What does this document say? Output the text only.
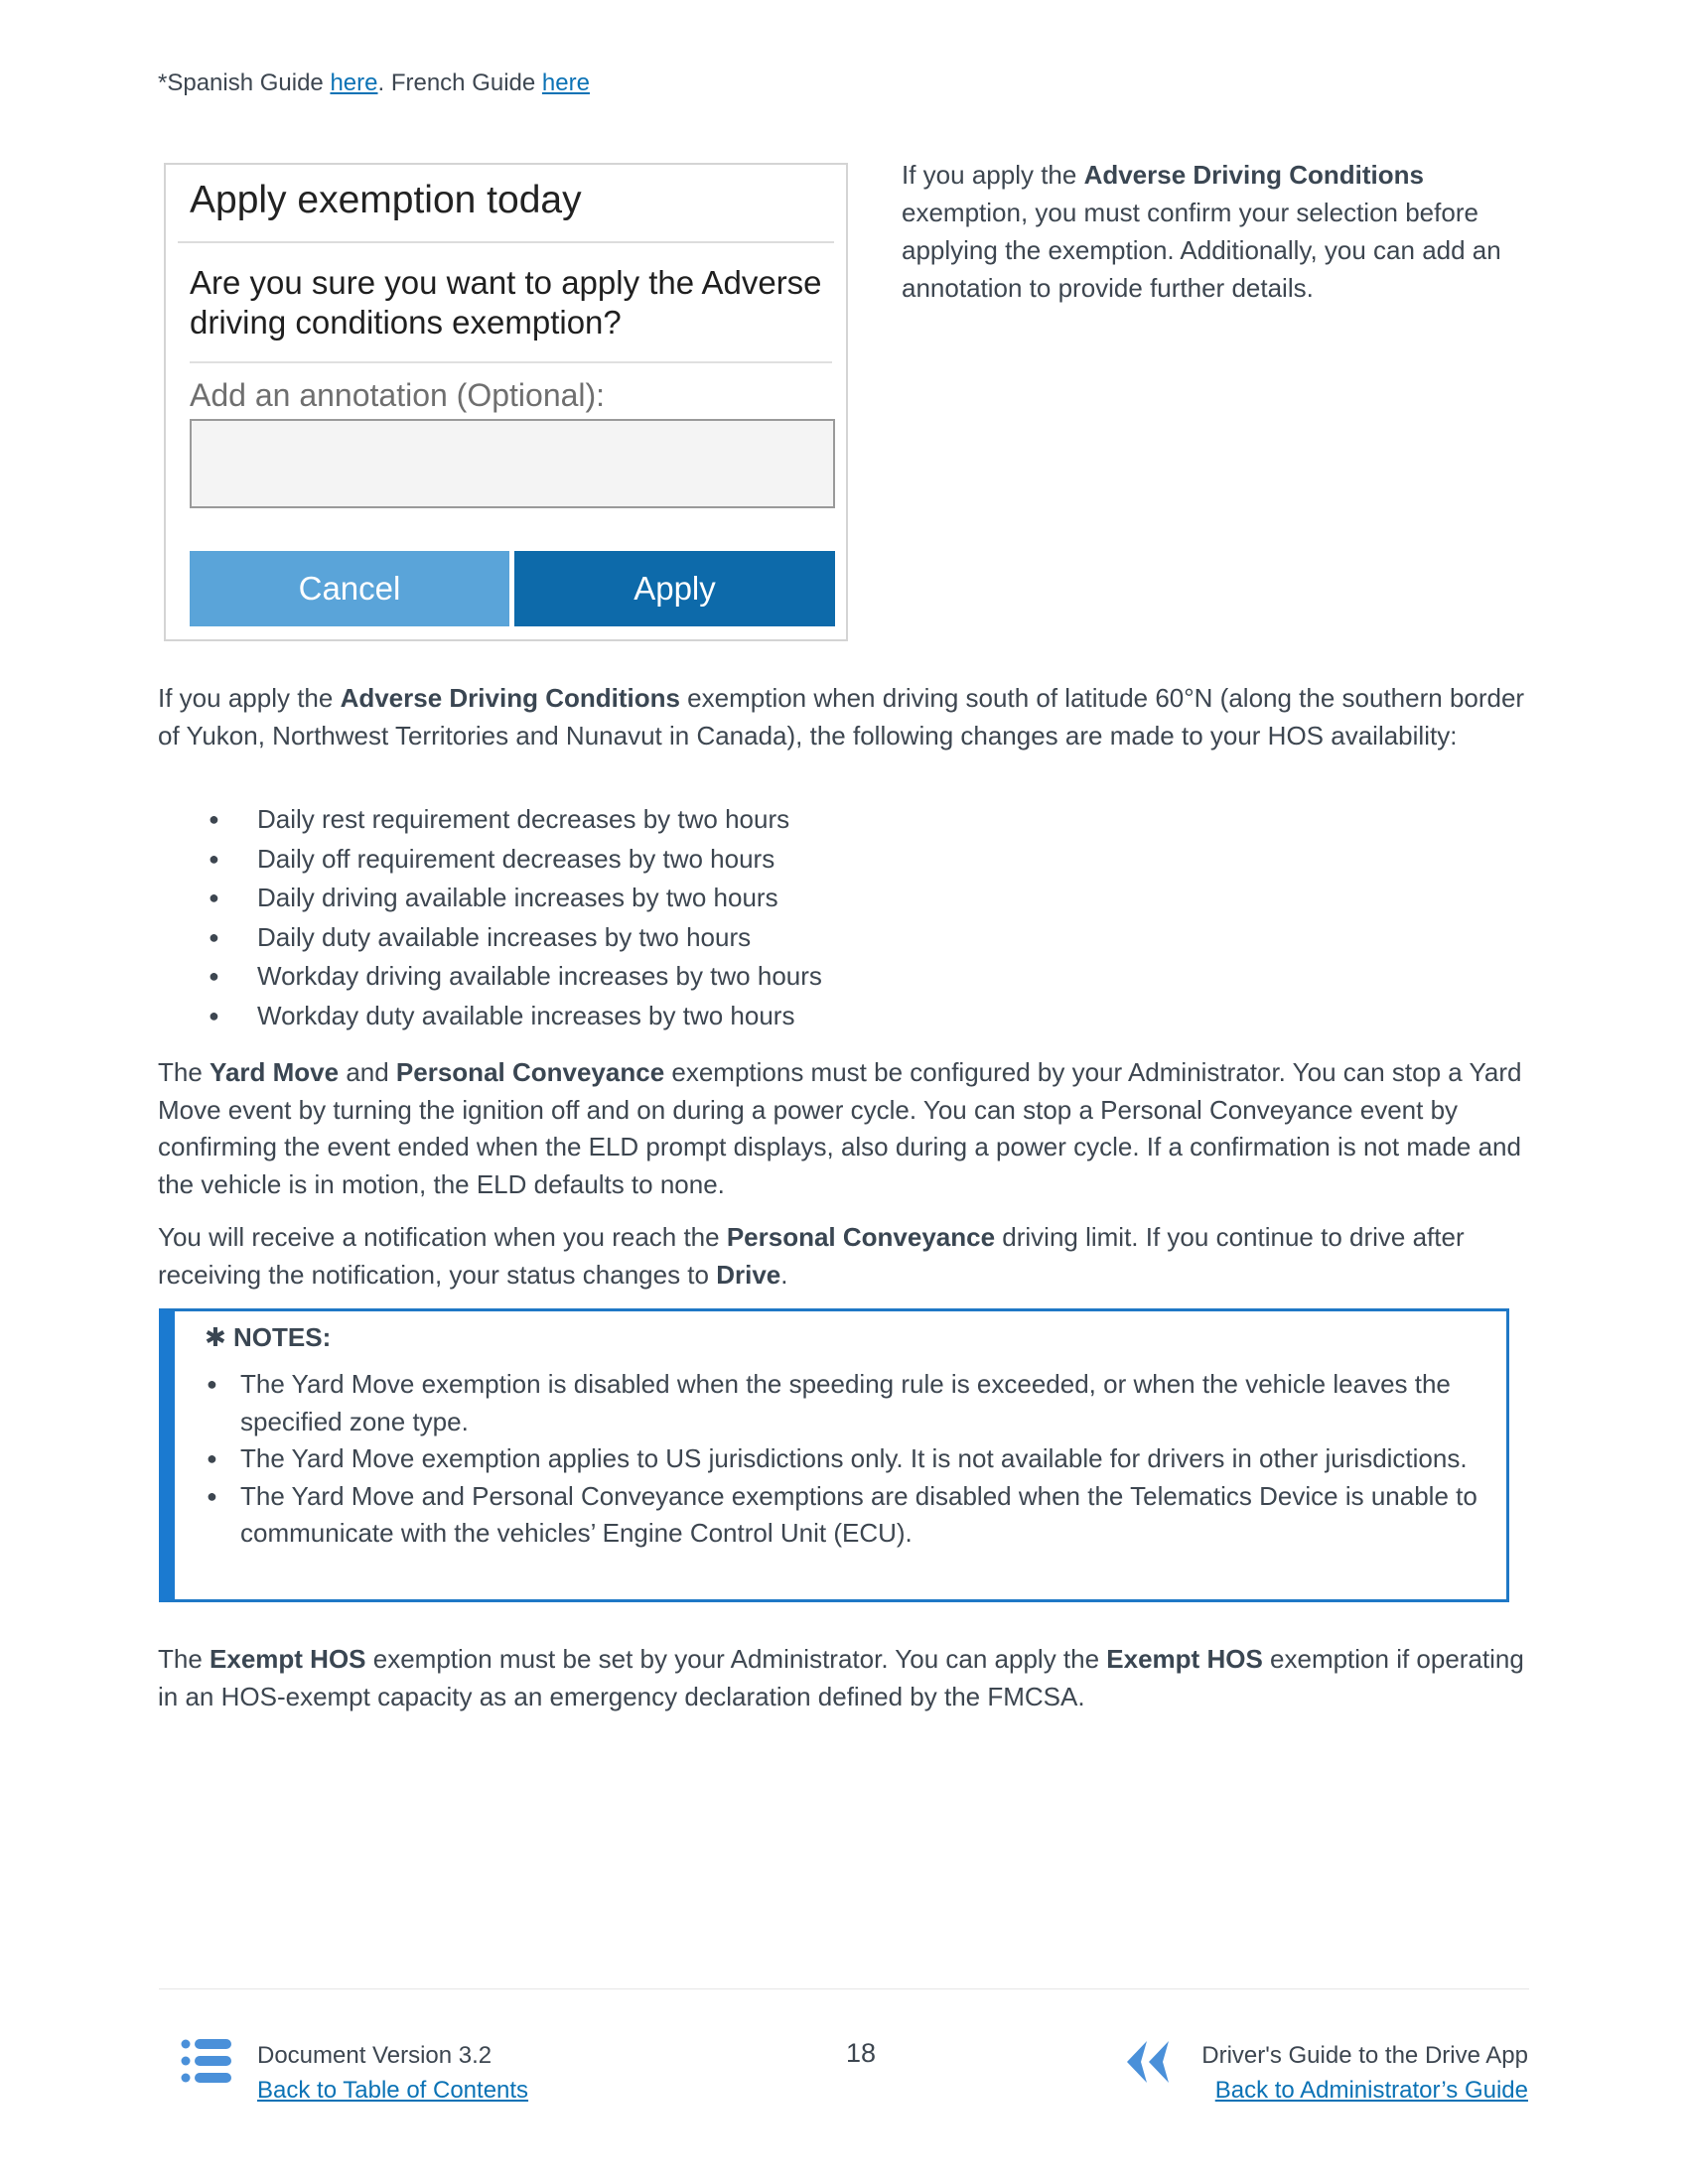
*Spanish Guide here. French Guide here
Apply exemption today
Are you sure you want to apply the Adverse driving conditions exemption?
Add an annotation (Optional):
Cancel	Apply
If you apply the Adverse Driving Conditions exemption, you must confirm your selection before applying the exemption. Additionally, you can add an annotation to provide further details.
If you apply the Adverse Driving Conditions exemption when driving south of latitude 60°N (along the southern border of Yukon, Northwest Territories and Nunavut in Canada), the following changes are made to your HOS availability:
● Daily rest requirement decreases by two hours
● Daily off requirement decreases by two hours
● Daily driving available increases by two hours
● Daily duty available increases by two hours
● Workday driving available increases by two hours
● Workday duty available increases by two hours
The Yard Move and Personal Conveyance exemptions must be configured by your Administrator. You can stop a Yard Move event by turning the ignition off and on during a power cycle. You can stop a Personal Conveyance event by confirming the event ended when the ELD prompt displays, also during a power cycle. If a confirmation is not made and the vehicle is in motion, the ELD defaults to none.
You will receive a notification when you reach the Personal Conveyance driving limit. If you continue to drive after receiving the notification, your status changes to Drive.
✱ NOTES:
● The Yard Move exemption is disabled when the speeding rule is exceeded, or when the vehicle leaves the specified zone type.
● The Yard Move exemption applies to US jurisdictions only. It is not available for drivers in other jurisdictions.
● The Yard Move and Personal Conveyance exemptions are disabled when the Telematics Device is unable to communicate with the vehicles’ Engine Control Unit (ECU).
The Exempt HOS exemption must be set by your Administrator. You can apply the Exempt HOS exemption if operating in an HOS-exempt capacity as an emergency declaration defined by the FMCSA.
Document Version 3.2
Back to Table of Contents
18	Driver's Guide to the Drive App
Back to Administrator’s Guide
